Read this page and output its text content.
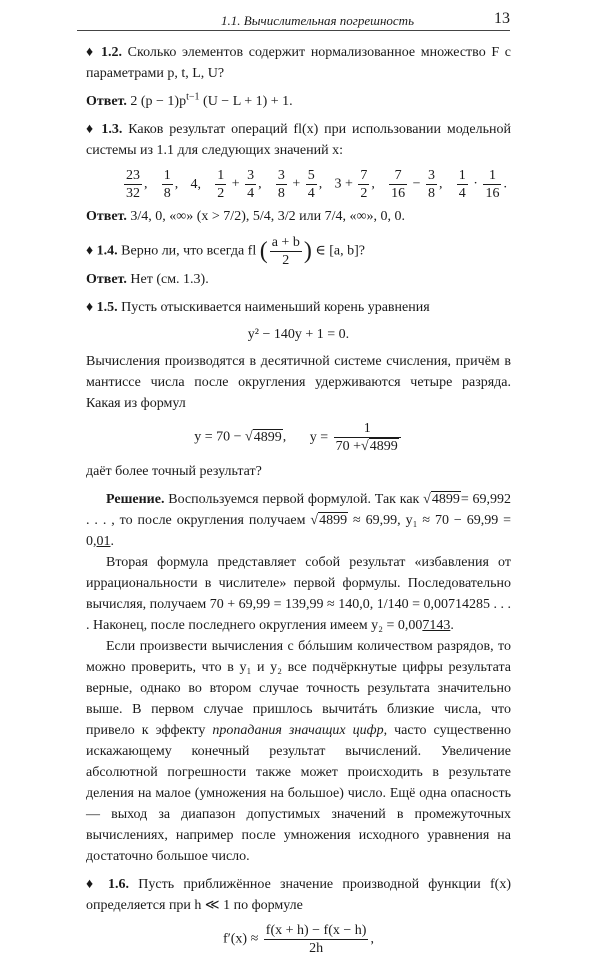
1.1. Вычислительная погрешность	13

♦ 1.2. Сколько элементов содержит нормализованное множество F с параметрами p, t, L, U?

Ответ. 2 $(p - 1)p^{t-1}$ (U − L + 1) + 1.

♦ 1.3. Каков результат операций fl(x) при использовании модельной системы из 1.1 для следующих значений x:

$\frac{23}{32}$ , $\frac{1}{8}$ , 4, $\frac{1}{2} + \frac{3}{4}$ , $\frac{3}{8} + \frac{5}{4}$ , $3 + \frac{7}{2}$ , $\frac{7}{16} - \frac{3}{8}$ , $\frac{1}{4} \cdot \frac{1}{16}$ .

Ответ. 3/4, 0, «∞» (x > 7/2), 5/4, 3/2 или 7/4, «∞», 0, 0.

♦ 1.4. Верно ли, что всегда fl ( $\frac{a + b}{2}$ ) ∈ [a, b]?

Ответ. Нет (см. 1.3).

♦ 1.5. Пусть отыскивается наименьший корень уравнения

y² − 140y + 1 = 0.

Вычисления производятся в десятичной системе счисления, причём в мантиссе числа после округления удерживаются четыре разряда. Какая из формул

y = 70 − √4899, $y = \frac{1}{70 +√4899}$

даёт более точный результат?

Решение. Воспользуемся первой формулой. Так как √4899= 69,992 . . . , то после округления получаем √4899 ≈ 69,99, y₁ ≈ 70 − 69,99 = 0,01.

Вторая формула представляет собой результат «избавления от иррациональности в числителе» первой формулы. Последовательно вычисляя, получаем 70 + 69,99 = 139,99 ≈ 140,0, 1/140 = 0,00714285 . . . . Наконец, после последнего округления имеем y₂ = 0,007143.

Если произвести вычисления с бóльшим количеством разрядов, то можно проверить, что в y₁ и y₂ все подчёркнутые цифры результата верные, однако во втором случае точность результата значительно выше. В первом случае пришлось вычитáть близкие числа, что привело к эффекту пропадания значащих цифр, часто существенно искажающему конечный результат вычислений. Увеличение абсолютной погрешности также может происходить в результате деления на малое (умножения на большое) число. Ещё одна опасность — выход за диапазон допустимых значений в промежуточных вычислениях, например после умножения исходного уравнения на достаточно большое число.

♦ 1.6. Пусть приближённое значение производной функции f(x) определяется при h ≪ 1 по формуле

$f'(x) \approx \frac{f(x + h) - f(x - h)}{2h}$ ,
